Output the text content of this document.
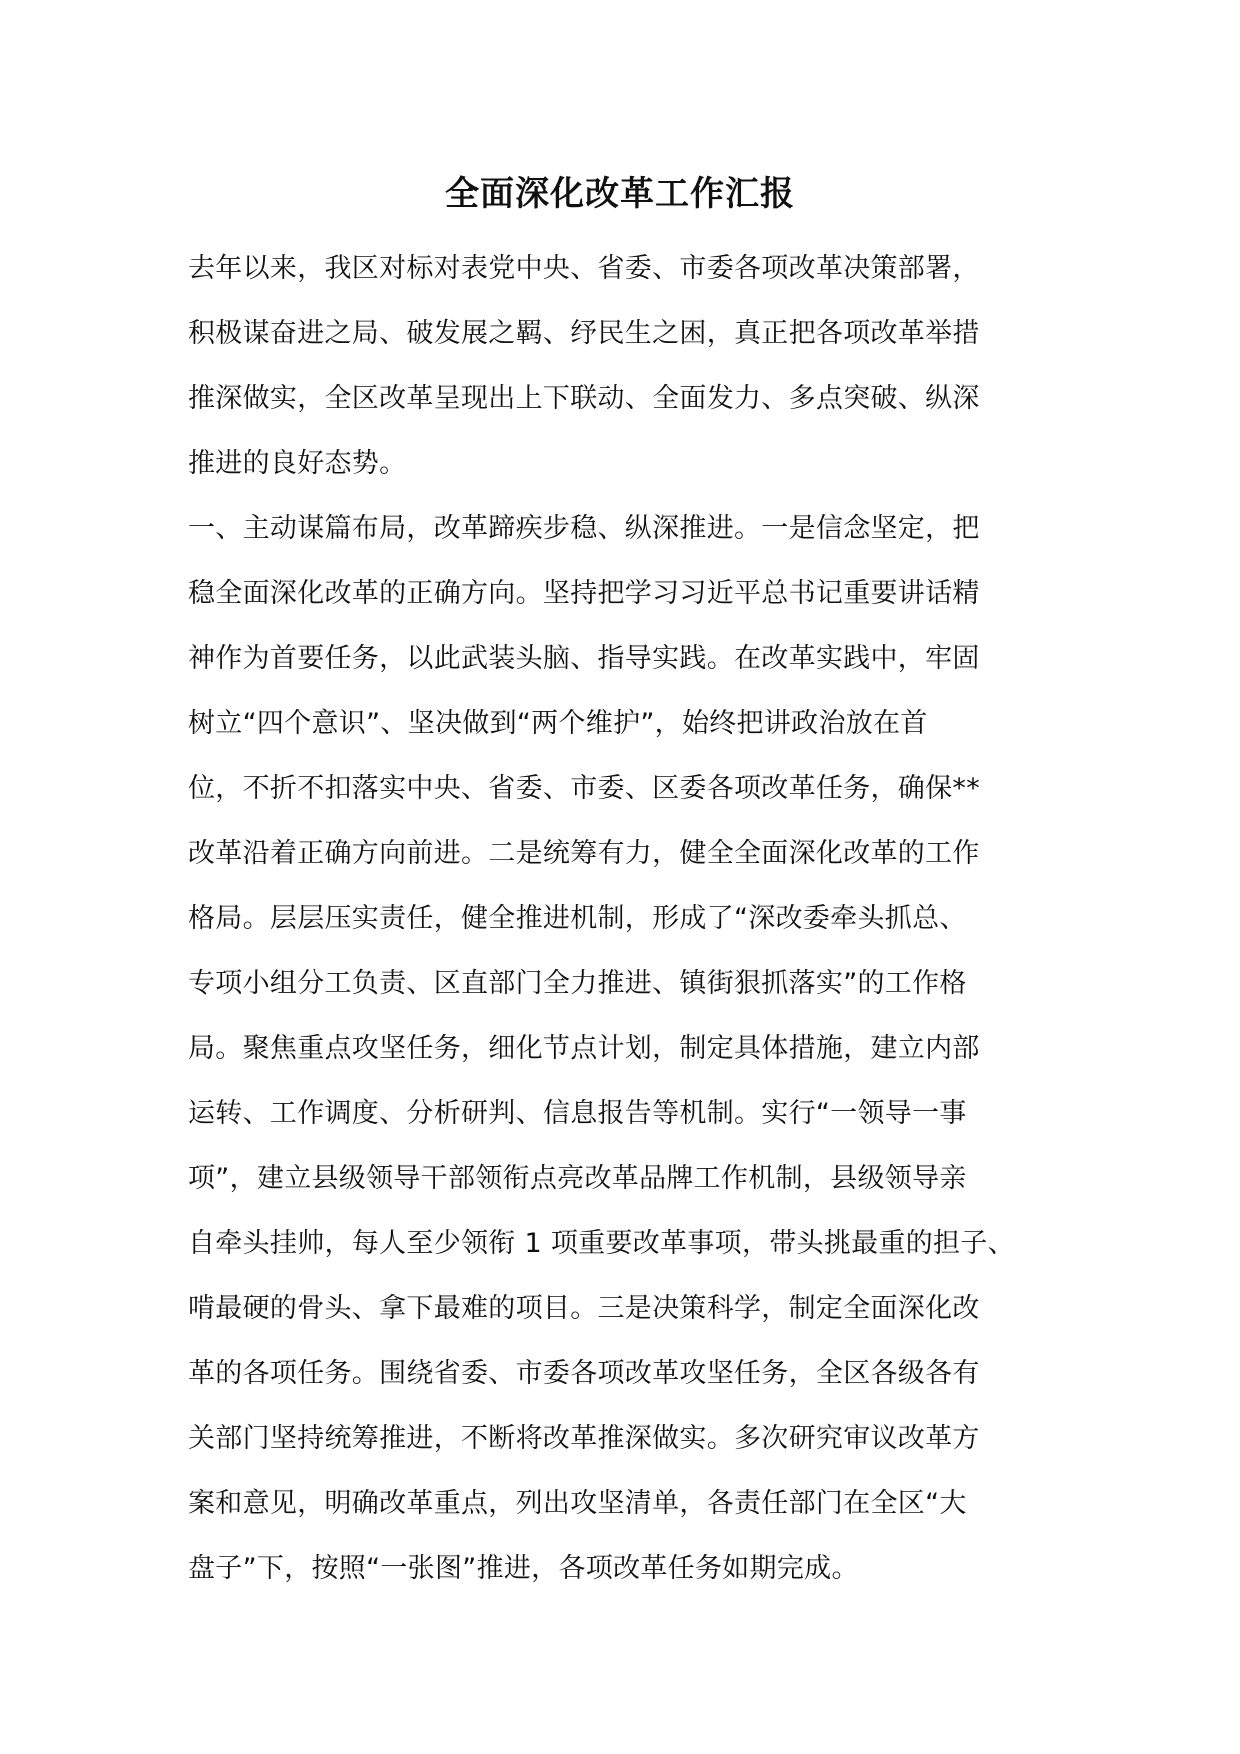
全面深化改革工作汇报
去年以来，我区对标对表党中央、省委、市委各项改革决策部署，
积极谋奋进之局、破发展之羁、纾民生之困，真正把各项改革举措
推深做实，全区改革呈现出上下联动、全面发力、多点突破、纵深
推进的良好态势。
一、主动谋篇布局，改革蹄疾步稳、纵深推进。一是信念坚定，把
稳全面深化改革的正确方向。坚持把学习习近平总书记重要讲话精
神作为首要任务，以此武装头脑、指导实践。在改革实践中，牢固
树立“四个意识”、坚决做到“两个维护”，始终把讲政治放在首
位，不折不扣落实中央、省委、市委、区委各项改革任务，确保**
改革沿着正确方向前进。二是统筹有力，健全全面深化改革的工作
格局。层层压实责任，健全推进机制，形成了“深改委牵头抓总、
专项小组分工负责、区直部门全力推进、镇街狠抓落实”的工作格
局。聚焦重点攻坚任务，细化节点计划，制定具体措施，建立内部
运转、工作调度、分析研判、信息报告等机制。实行“一领导一事
项”，建立县级领导干部领衔点亮改革品牌工作机制，县级领导亲
自牵头挂帅，每人至少领衔 1 项重要改革事项，带头挑最重的担子、
啃最硬的骨头、拿下最难的项目。三是决策科学，制定全面深化改
革的各项任务。围绕省委、市委各项改革攻坚任务，全区各级各有
关部门坚持统筹推进，不断将改革推深做实。多次研究审议改革方
案和意见，明确改革重点，列出攻坚清单，各责任部门在全区“大
盘子”下，按照“一张图”推进，各项改革任务如期完成。
